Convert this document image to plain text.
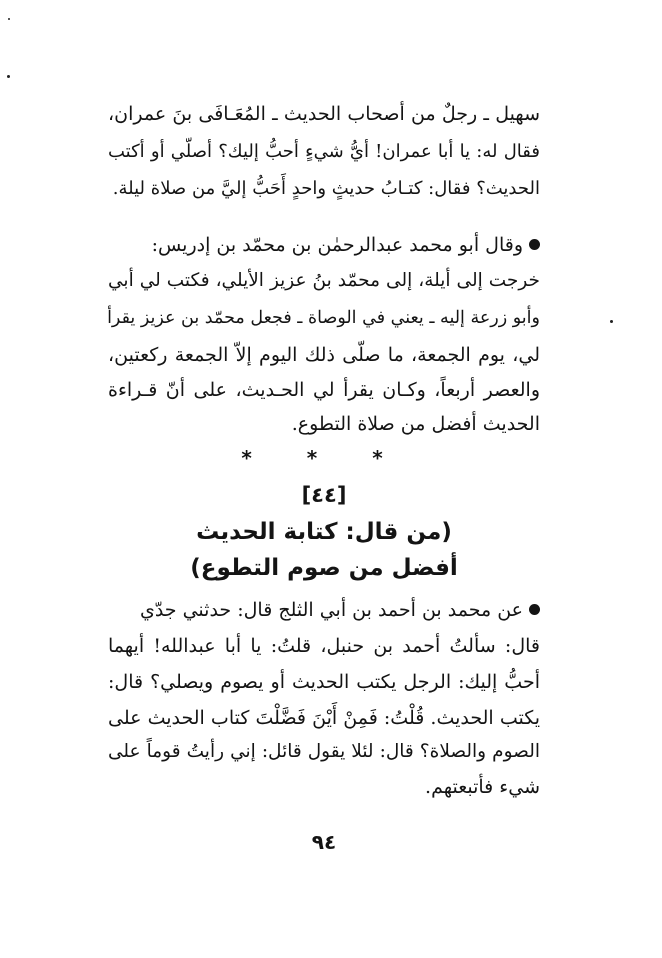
سهيل ـ رجلٌ من أصحاب الحديث ـ المُعَـافَى بنَ عمران،
فقال له: يا أبا عمران! أيُّ شيءٍ أحبُّ إليك؟ أصلّي أو أكتب
الحديث؟ فقال: كتـابُ حديثٍ واحدٍ أَحَبُّ إليَّ من صلاة ليلة.
وقال أبو محمد عبدالرحمٰن بن محمّد بن إدريس:
خرجت إلى أيلة، إلى محمّد بنُ عزيز الأيلي، فكتب لي أبي
وأبو زرعة إليه ـ يعني في الوصاة ـ فجعل محمّد بن عزيز يقرأ
لي، يوم الجمعة، ما صلّى ذلك اليوم إلاّ الجمعة ركعتين،
والعصر أربعاً، وكـان يقرأ لي الحـديث، على أنّ قـراءة
الحديث أفضل من صلاة التطوع.
* * *
[٤٤]
(من قال: كتابة الحديث
أفضل من صوم التطوع)
عن محمد بن أحمد بن أبي الثلج قال: حدثني جدّي
قال: سألتُ أحمد بن حنبل، قلتُ: يا أبا عبدالله! أيهما
أحبُّ إليك: الرجل يكتب الحديث أو يصوم ويصلي؟ قال:
يكتب الحديث. قُلْتُ: فَمِنْ أَيْنَ فَضَّلْتَ كتاب الحديث على
الصوم والصلاة؟ قال: لئلا يقول قائل: إني رأيتُ قوماً على
شيء فأتبعتهم.
٩٤
